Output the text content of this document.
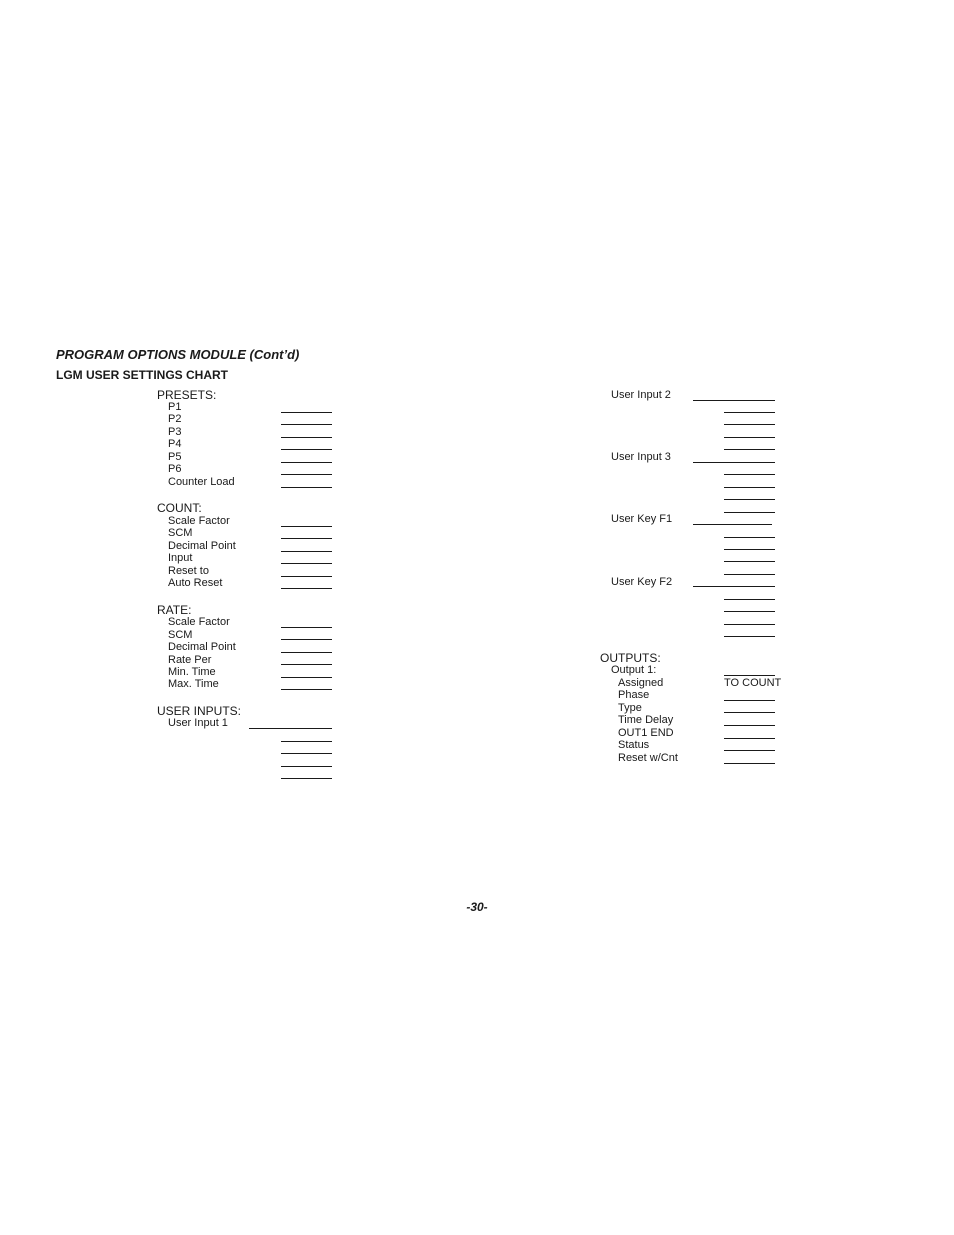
PROGRAM OPTIONS MODULE (Cont’d)
LGM USER SETTINGS CHART
PRESETS:
P1
P2
P3
P4
P5
P6
Counter Load
COUNT:
Scale Factor
SCM
Decimal Point
Input
Reset to
Auto Reset
RATE:
Scale Factor
SCM
Decimal Point
Rate Per
Min. Time
Max. Time
USER INPUTS:
User Input 1
User Input 2
User Input 3
User Key F1
User Key F2
OUTPUTS:
Output 1:
Assigned	TO COUNT
Phase
Type
Time Delay
OUT1 END
Status
Reset w/Cnt
-30-
